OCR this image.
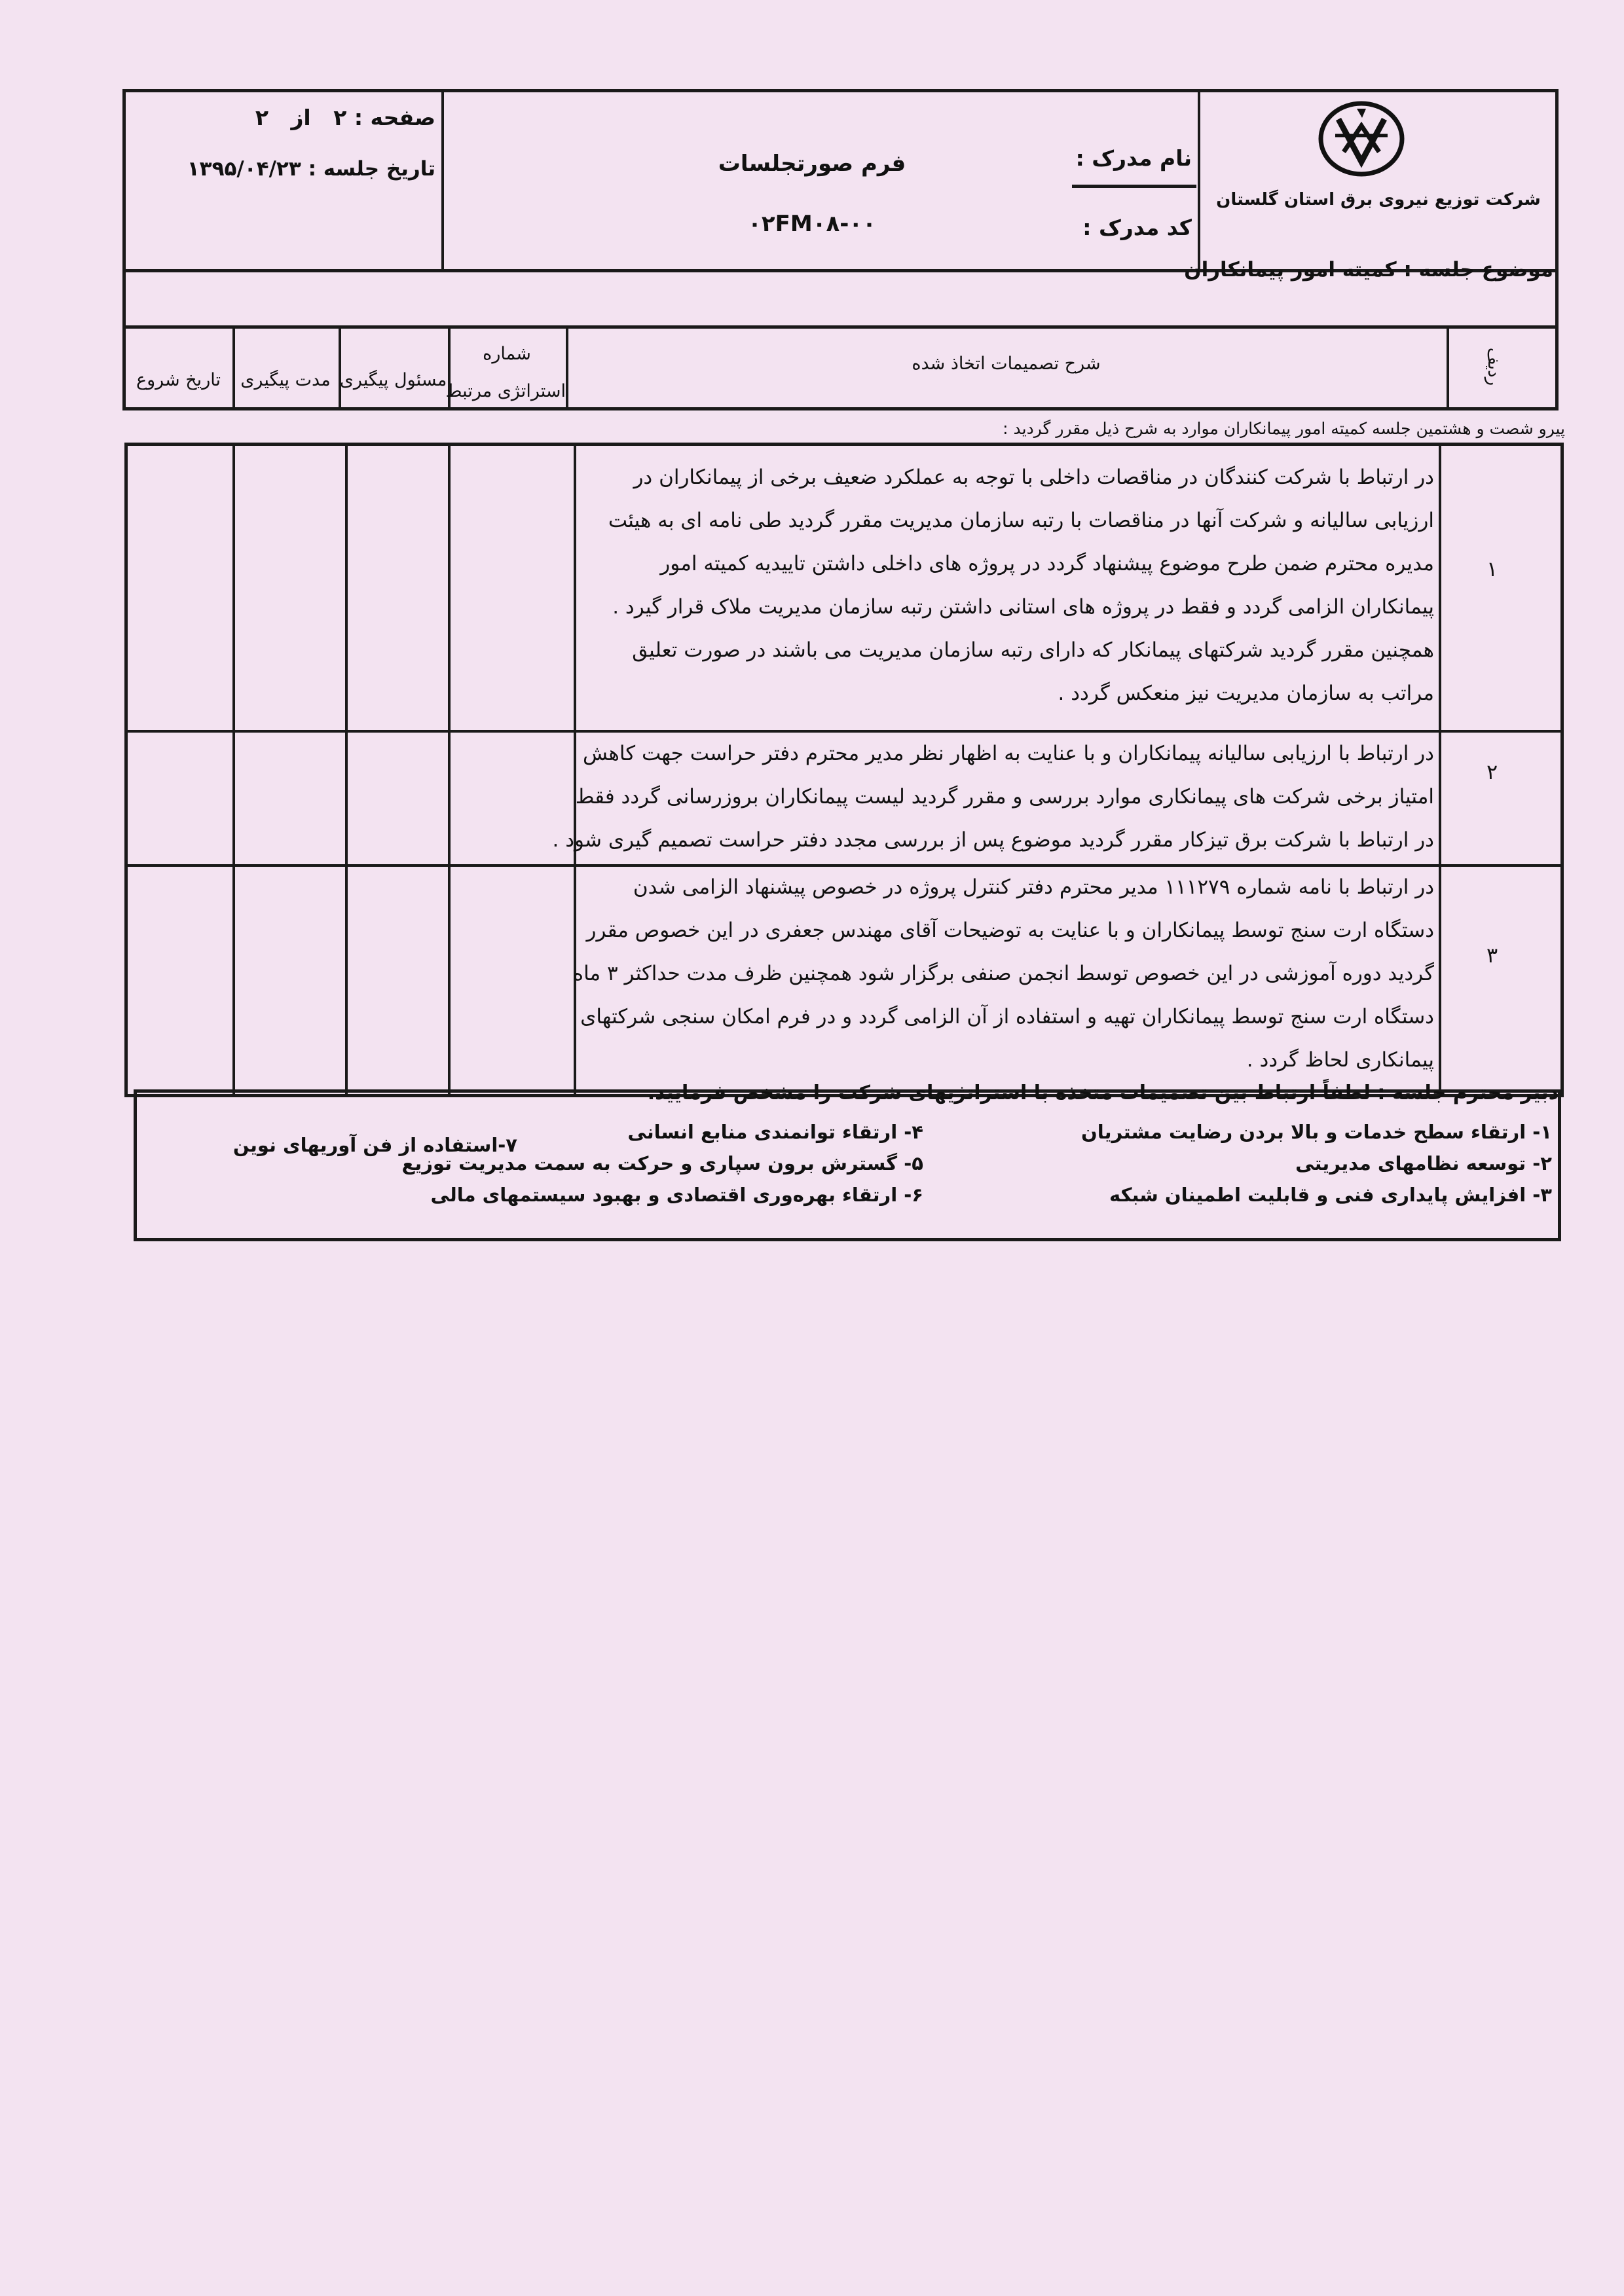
شرکت توزیع نیروی برق استان گلستان
نام مدرک :
کد مدرک :
فرم صورتجلسات
۰۲FM۰۸-۰۰
صفحه : ۲   از   ۲
تاریخ جلسه : ۱۳۹۵/۰۴/۲۳
موضوع جلسه : کمیته امور پیمانکاران
ردیف
شرح تصمیمات اتخاذ شده
شماره
استراتژی مرتبط
مسئول پیگیری
مدت پیگیری
تاریخ شروع
پیرو شصت و هشتمین جلسه کمیته امور پیمانکاران موارد به شرح ذیل مقرر گردید :
۱
در ارتباط با شرکت کنندگان در مناقصات داخلی با توجه به عملکرد ضعیف برخی از پیمانکاران در
ارزیابی سالیانه و شرکت آنها در مناقصات با رتبه سازمان مدیریت مقرر گردید طی نامه ای به هیئت
مدیره محترم ضمن طرح موضوع پیشنهاد گردد در پروژه های داخلی داشتن تاییدیه کمیته امور
پیمانکاران الزامی گردد و فقط در پروژه های استانی داشتن رتبه سازمان مدیریت ملاک قرار گیرد .
همچنین مقرر گردید شرکتهای پیمانکار که دارای رتبه سازمان مدیریت می باشند در صورت تعلیق
مراتب به سازمان مدیریت نیز منعکس گردد .
۲
در ارتباط با ارزیابی سالیانه پیمانکاران و با عنایت به اظهار نظر مدیر محترم دفتر حراست جهت کاهش
امتیاز برخی شرکت های پیمانکاری موارد بررسی و مقرر گردید لیست پیمانکاران بروزرسانی گردد فقط
در ارتباط با شرکت برق تیزکار مقرر گردید موضوع پس از بررسی مجدد دفتر حراست تصمیم گیری شود .
۳
در ارتباط با نامه شماره ۱۱۱۲۷۹ مدیر محترم دفتر کنترل پروژه در خصوص پیشنهاد الزامی شدن
دستگاه ارت سنج توسط پیمانکاران و با عنایت به توضیحات آقای مهندس جعفری در این خصوص مقرر
گردید دوره آموزشی در این خصوص توسط انجمن صنفی برگزار شود همچنین ظرف مدت حداکثر ۳ ماه
دستگاه ارت سنج توسط پیمانکاران تهیه و استفاده از آن الزامی گردد و در فرم امکان سنجی شرکتهای
پیمانکاری لحاظ گردد .
دبیر محترم جلسه : لطفاً ارتباط بین تصمیمات متخذه با استراتژیهای شرکت را مشخص فرمایید.
۱- ارتقاء سطح خدمات و بالا بردن رضایت مشتریان
۲- توسعه نظامهای مدیریتی
۳- افزایش پایداری فنی و قابلیت اطمینان شبکه
۴- ارتقاء توانمندی منابع انسانی
۵- گسترش برون سپاری و حرکت به سمت مدیریت توزیع
۶- ارتقاء بهره‌وری اقتصادی و بهبود سیستمهای مالی
۷-استفاده از فن آوریهای نوین
